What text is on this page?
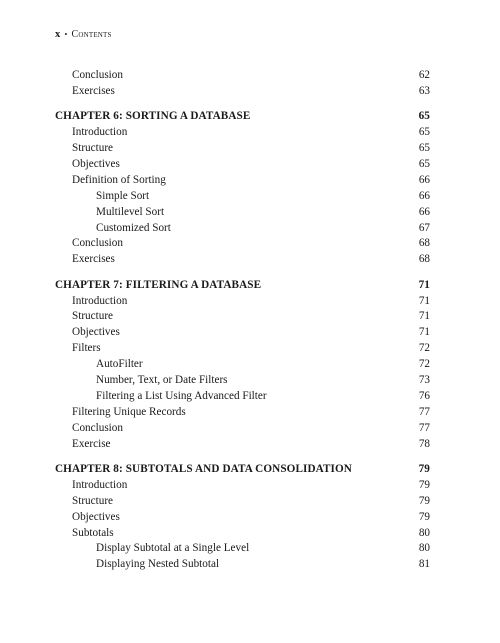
x • Contents
Conclusion	62
Exercises	63
CHAPTER 6: SORTING A DATABASE	65
Introduction	65
Structure	65
Objectives	65
Definition of Sorting	66
Simple Sort	66
Multilevel Sort	66
Customized Sort	67
Conclusion	68
Exercises	68
CHAPTER 7: FILTERING A DATABASE	71
Introduction	71
Structure	71
Objectives	71
Filters	72
AutoFilter	72
Number, Text, or Date Filters	73
Filtering a List Using Advanced Filter	76
Filtering Unique Records	77
Conclusion	77
Exercise	78
CHAPTER 8: SUBTOTALS AND DATA CONSOLIDATION	79
Introduction	79
Structure	79
Objectives	79
Subtotals	80
Display Subtotal at a Single Level	80
Displaying Nested Subtotal	81
